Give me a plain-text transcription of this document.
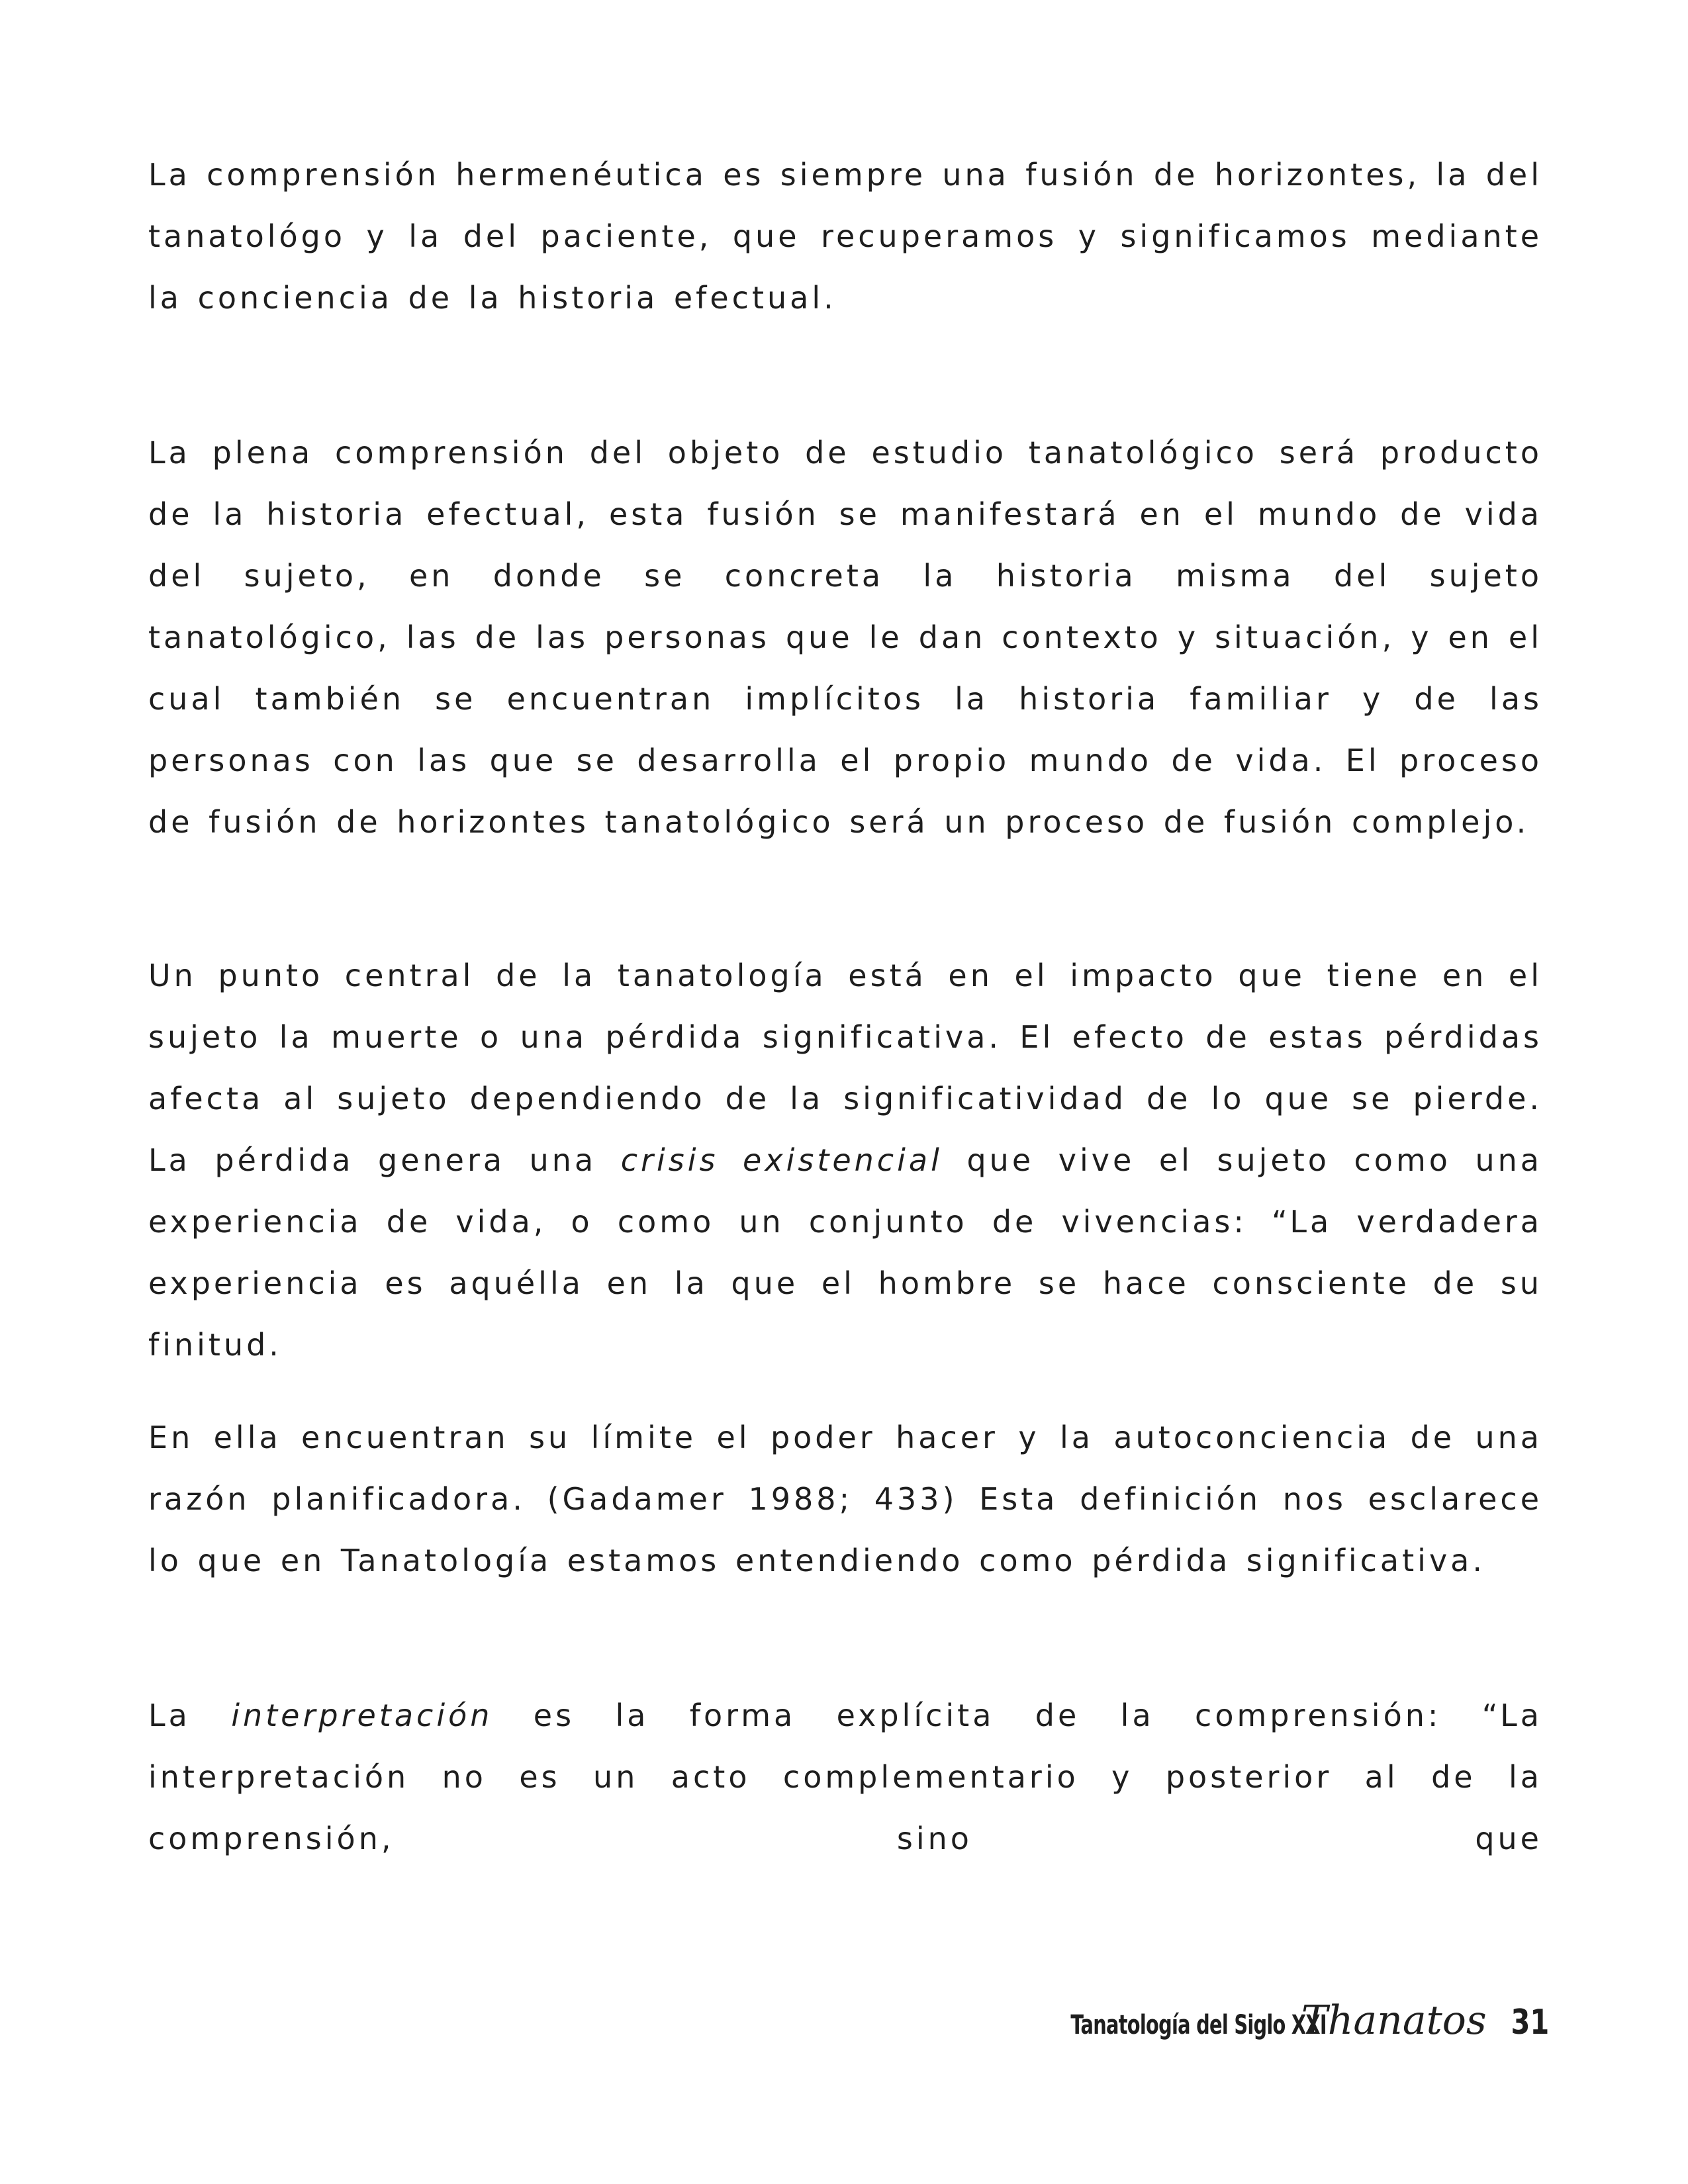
La comprensión hermenéutica es siempre una fusión de horizontes, la del tanatológo y la del paciente, que recuperamos y significamos mediante la conciencia de la historia efectual.

La plena comprensión del objeto de estudio tanatológico será producto de la historia efectual, esta fusión se manifestará en el mundo de vida del sujeto, en donde se concreta la historia misma del sujeto tanatológico, las de las personas que le dan contexto y situación, y en el cual también se encuentran implícitos la historia familiar y de las personas con las que se desarrolla el propio mundo de vida. El proceso de fusión de horizontes tanatológico será un proceso de fusión complejo.

Un punto central de la tanatología está en el impacto que tiene en el sujeto la muerte o una pérdida significativa. El efecto de estas pérdidas afecta al sujeto dependiendo de la significatividad de lo que se pierde. La pérdida genera una crisis existencial que vive el sujeto como una experiencia de vida, o como un conjunto de vivencias: “La verdadera experiencia es aquélla en la que el hombre se hace consciente de su finitud.

En ella encuentran su límite el poder hacer y la autoconciencia de una razón planificadora. (Gadamer 1988; 433) Esta definición nos esclarece lo que en Tanatología estamos entendiendo como pérdida significativa.

La interpretación es la forma explícita de la comprensión: “La interpretación no es un acto complementario y posterior al de la comprensión, sino que

Tanatología del Siglo XXI
Thanatos 31
